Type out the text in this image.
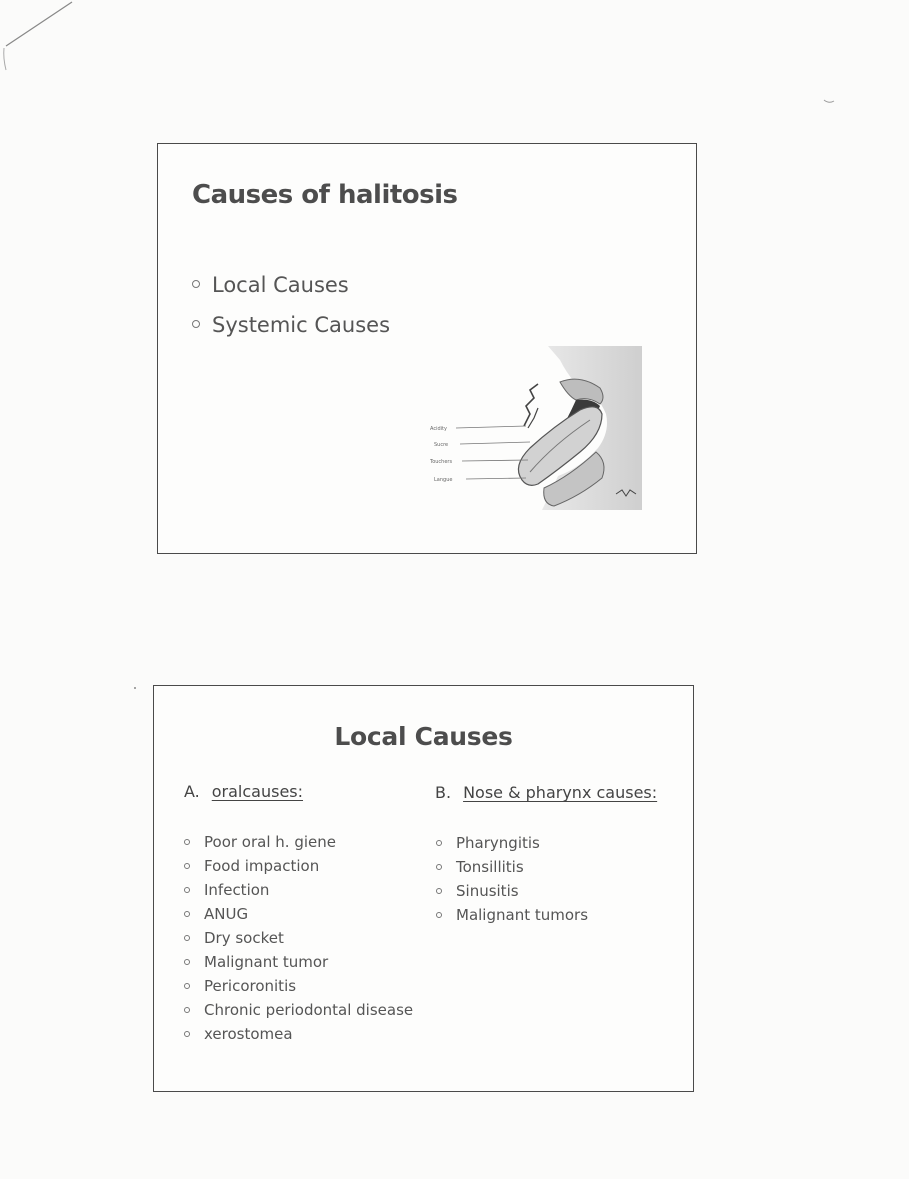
Causes of halitosis
Local Causes
Systemic Causes
Acidity
Sucre
Touchers
Langue
Local Causes
A. oralcauses:
Poor oral h. giene
Food impaction
Infection
ANUG
Dry socket
Malignant tumor
Pericoronitis
Chronic periodontal disease
xerostomea
B. Nose & pharynx causes:
Pharyngitis
Tonsillitis
Sinusitis
Malignant tumors
